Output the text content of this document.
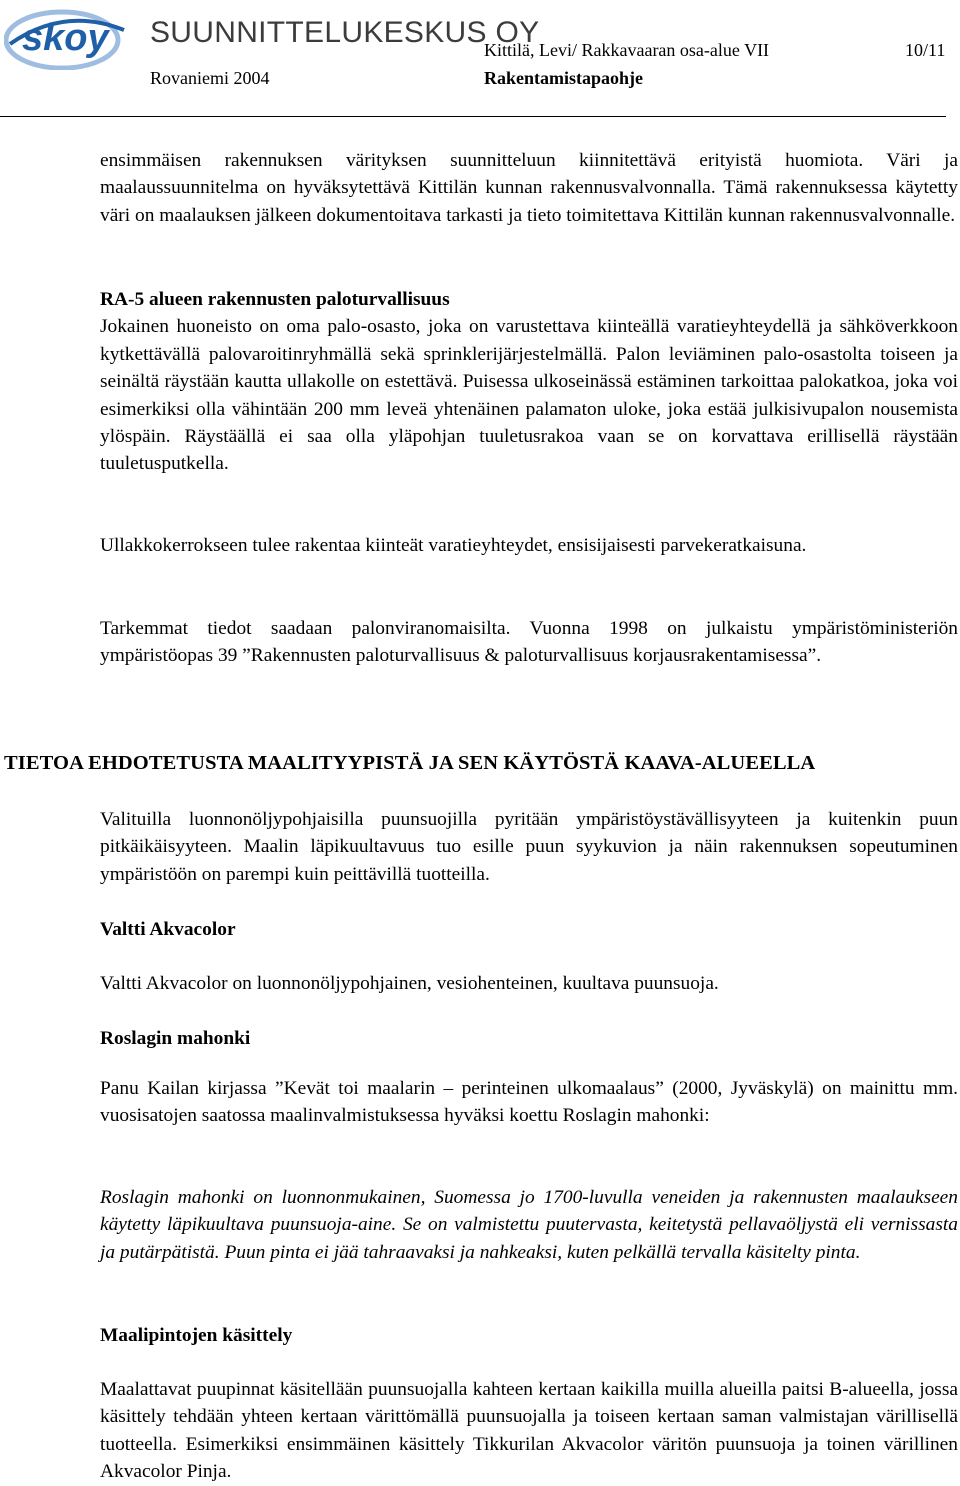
skoy SUUNNITTELUKESKUS OY
Kittilä, Levi/ Rakkavaaran osa-alue VII	10/11
Rovaniemi 2004	Rakentamistapaohje

ensimmäisen rakennuksen värityksen suunnitteluun kiinnitettävä erityistä huomiota. Väri ja maalaussuunnitelma on hyväksytettävä Kittilän kunnan rakennusvalvonnalla. Tämä rakennuksessa käytetty väri on maalauksen jälkeen dokumentoitava tarkasti ja tieto toimitettava Kittilän kunnan rakennusvalvonnalle.

RA-5 alueen rakennusten paloturvallisuus

Jokainen huoneisto on oma palo-osasto, joka on varustettava kiinteällä varatieyhteydellä ja sähköverkkoon kytkettävällä palovaroitinryhmällä sekä sprinklerijärjestelmällä. Palon leviäminen palo-osastolta toiseen ja seinältä räystään kautta ullakolle on estettävä. Puisessa ulkoseinässä estäminen tarkoittaa palokatkoa, joka voi esimerkiksi olla vähintään 200 mm leveä yhtenäinen palamaton uloke, joka estää julkisivupalon nousemista ylöspäin. Räystäällä ei saa olla yläpohjan tuuletusrakoa vaan se on korvattava erillisellä räystään tuuletusputkella.

Ullakkokerrokseen tulee rakentaa kiinteät varatieyhteydet, ensisijaisesti parvekeratkaisuna.

Tarkemmat tiedot saadaan palonviranomaisilta. Vuonna 1998 on julkaistu ympäristöministeriön ympäristöopas 39 ”Rakennusten paloturvallisuus & paloturvallisuus korjausrakentamisessa”.

TIETOA EHDOTETUSTA MAALITYYPISTÄ JA SEN KÄYTÖSTÄ KAAVA-ALUEELLA

Valituilla luonnonöljypohjaisilla puunsuojilla pyritään ympäristöystävällisyyteen ja kuitenkin puun pitkäikäisyyteen. Maalin läpikuultavuus tuo esille puun syykuvion ja näin rakennuksen sopeutuminen ympäristöön on parempi kuin peittävillä tuotteilla.

Valtti Akvacolor

Valtti Akvacolor on luonnonöljypohjainen, vesiohenteinen, kuultava puunsuoja.

Roslagin mahonki

Panu Kailan kirjassa ”Kevät toi maalarin – perinteinen ulkomaalaus” (2000, Jyväskylä) on mainittu mm. vuosisatojen saatossa maalinvalmistuksessa hyväksi koettu Roslagin mahonki:

Roslagin mahonki on luonnonmukainen, Suomessa jo 1700-luvulla veneiden ja rakennusten maalaukseen käytetty läpikuultava puunsuoja-aine. Se on valmistettu puutervasta, keitetystä pellavaöljystä eli vernissasta ja putärpätistä. Puun pinta ei jää tahraavaksi ja nahkeaksi, kuten pelkällä tervalla käsitelty pinta.

Maalipintojen käsittely

Maalattavat puupinnat käsitellään puunsuojalla kahteen kertaan kaikilla muilla alueilla paitsi B-alueella, jossa käsittely tehdään yhteen kertaan värittömällä puunsuojalla ja toiseen kertaan saman valmistajan värillisellä tuotteella. Esimerkiksi ensimmäinen käsittely Tikkurilan Akvacolor väritön puunsuoja ja toinen värillinen Akvacolor Pinja.
